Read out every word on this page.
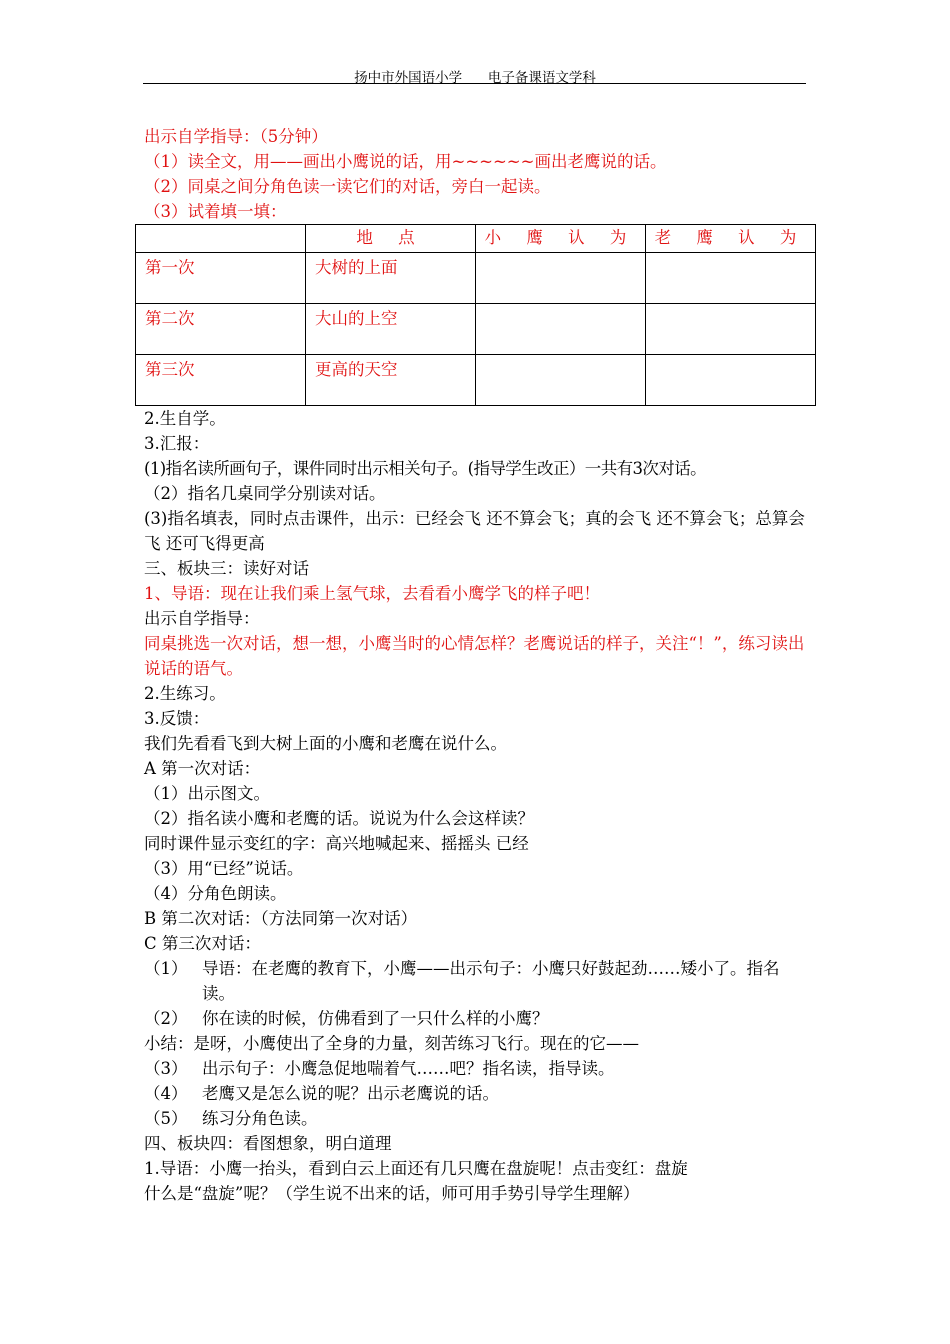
扬中市外国语小学      电子备课语文学科
出示自学指导：（5分钟）
（1）读全文，用——画出小鹰说的话，用~~~~~~画出老鹰说的话。
（2）同桌之间分角色读一读它们的对话，旁白一起读。
（3）试着填一填：
	地 点	小 鹰 认 为	老 鹰 认 为
第一次	大树的上面		
第二次	大山的上空		
第三次	更高的天空		
2.生自学。
3.汇报：
(1)指名读所画句子，课件同时出示相关句子。(指导学生改正）一共有3次对话。
（2）指名几桌同学分别读对话。
(3)指名填表，同时点击课件，出示：已经会飞 还不算会飞；真的会飞 还不算会飞；总算会飞 还可飞得更高
三、板块三：读好对话
1、导语：现在让我们乘上氢气球，去看看小鹰学飞的样子吧！
出示自学指导：
同桌挑选一次对话，想一想，小鹰当时的心情怎样？老鹰说话的样子，关注“！”，练习读出说话的语气。
2.生练习。
3.反馈：
我们先看看飞到大树上面的小鹰和老鹰在说什么。
A 第一次对话：
（1）出示图文。
（2）指名读小鹰和老鹰的话。说说为什么会这样读？
同时课件显示变红的字：高兴地喊起来、摇摇头 已经
（3）用“已经”说话。
（4）分角色朗读。
B 第二次对话：（方法同第一次对话）
C 第三次对话：
（1） 导语：在老鹰的教育下，小鹰——出示句子：小鹰只好鼓起劲……矮小了。指名读。
（2） 你在读的时候，仿佛看到了一只什么样的小鹰？
小结：是呀，小鹰使出了全身的力量，刻苦练习飞行。现在的它——
（3） 出示句子：小鹰急促地喘着气……吧？指名读，指导读。
（4） 老鹰又是怎么说的呢？出示老鹰说的话。
（5） 练习分角色读。
四、板块四：看图想象，明白道理
1.导语：小鹰一抬头，看到白云上面还有几只鹰在盘旋呢！点击变红：盘旋
什么是“盘旋”呢？（学生说不出来的话，师可用手势引导学生理解）
